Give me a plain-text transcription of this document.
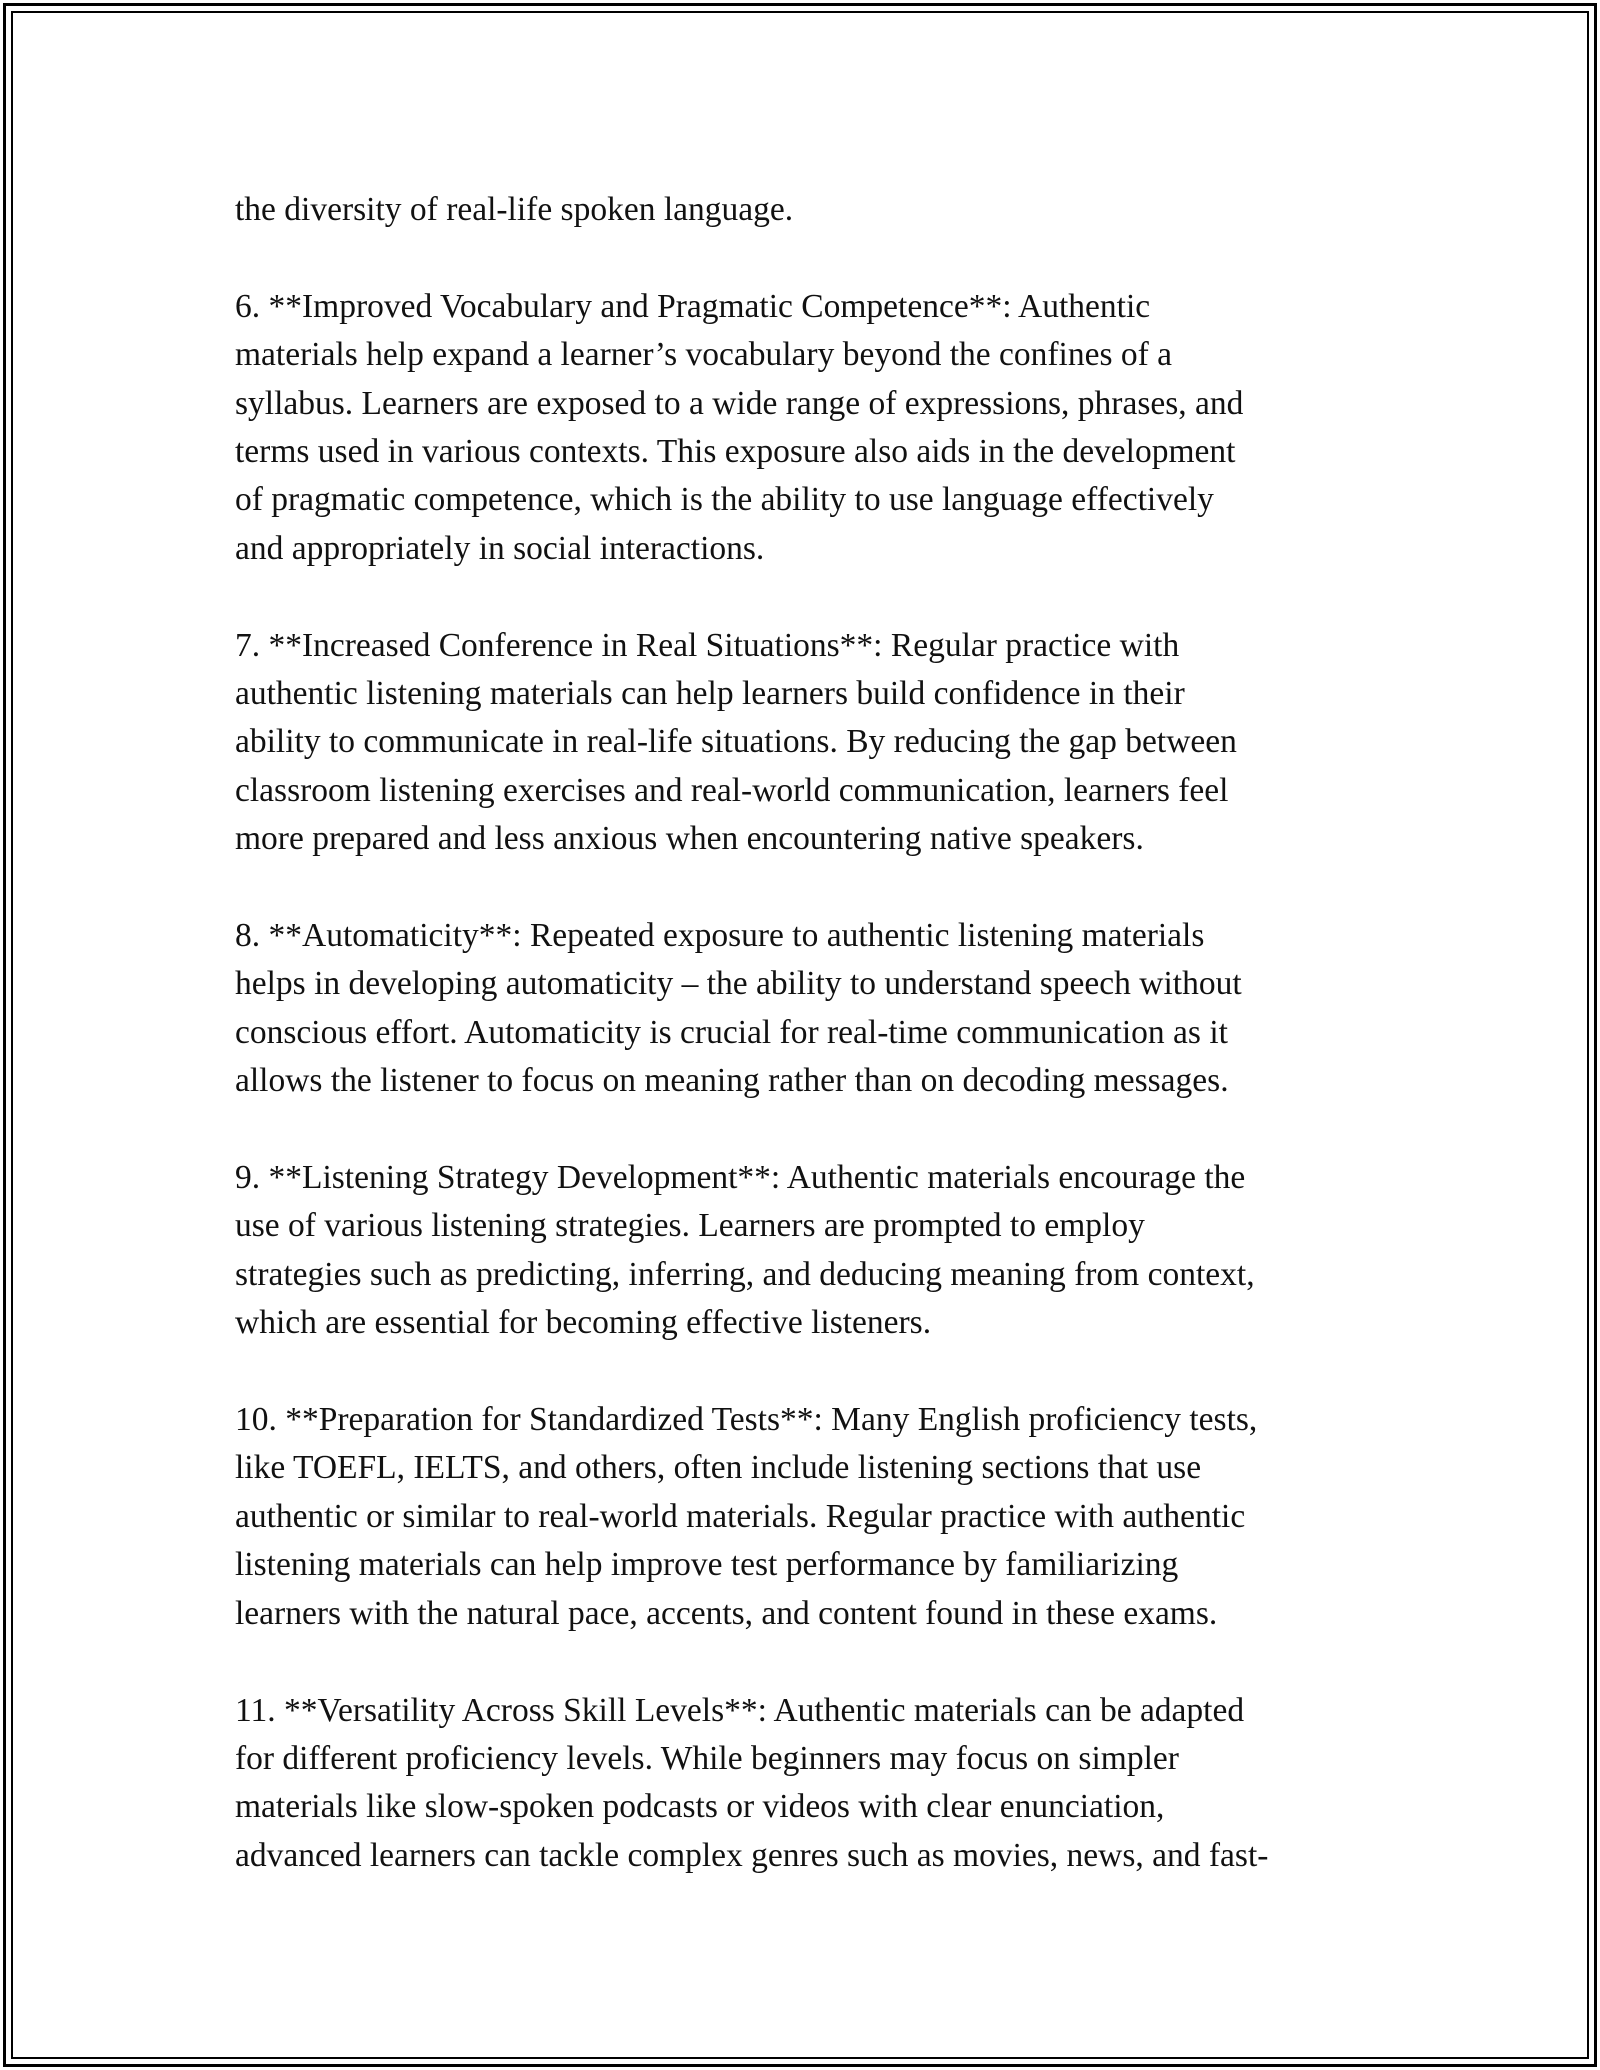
the diversity of real-life spoken language.

6. **Improved Vocabulary and Pragmatic Competence**: Authentic
materials help expand a learner’s vocabulary beyond the confines of a
syllabus. Learners are exposed to a wide range of expressions, phrases, and
terms used in various contexts. This exposure also aids in the development
of pragmatic competence, which is the ability to use language effectively
and appropriately in social interactions.

7. **Increased Conference in Real Situations**: Regular practice with
authentic listening materials can help learners build confidence in their
ability to communicate in real-life situations. By reducing the gap between
classroom listening exercises and real-world communication, learners feel
more prepared and less anxious when encountering native speakers.

8. **Automaticity**: Repeated exposure to authentic listening materials
helps in developing automaticity – the ability to understand speech without
conscious effort. Automaticity is crucial for real-time communication as it
allows the listener to focus on meaning rather than on decoding messages.

9. **Listening Strategy Development**: Authentic materials encourage the
use of various listening strategies. Learners are prompted to employ
strategies such as predicting, inferring, and deducing meaning from context,
which are essential for becoming effective listeners.

10. **Preparation for Standardized Tests**: Many English proficiency tests,
like TOEFL, IELTS, and others, often include listening sections that use
authentic or similar to real-world materials. Regular practice with authentic
listening materials can help improve test performance by familiarizing
learners with the natural pace, accents, and content found in these exams.

11. **Versatility Across Skill Levels**: Authentic materials can be adapted
for different proficiency levels. While beginners may focus on simpler
materials like slow-spoken podcasts or videos with clear enunciation,
advanced learners can tackle complex genres such as movies, news, and fast-
